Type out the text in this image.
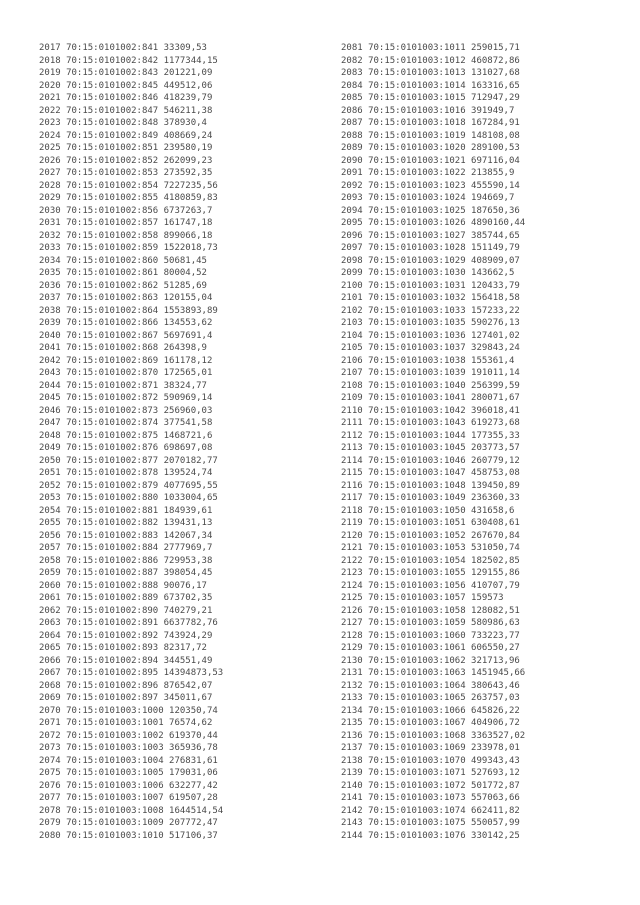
2017 70:15:0101002:841 33309,53
2018 70:15:0101002:842 1177344,15
2019 70:15:0101002:843 201221,09
2020 70:15:0101002:845 449512,06
2021 70:15:0101002:846 418239,79
2022 70:15:0101002:847 546211,38
2023 70:15:0101002:848 378930,4
2024 70:15:0101002:849 408669,24
2025 70:15:0101002:851 239580,19
2026 70:15:0101002:852 262099,23
2027 70:15:0101002:853 273592,35
2028 70:15:0101002:854 7227235,56
2029 70:15:0101002:855 4180859,83
2030 70:15:0101002:856 6737263,7
2031 70:15:0101002:857 161747,18
2032 70:15:0101002:858 899066,18
2033 70:15:0101002:859 1522018,73
2034 70:15:0101002:860 50681,45
2035 70:15:0101002:861 80004,52
2036 70:15:0101002:862 51285,69
2037 70:15:0101002:863 120155,04
2038 70:15:0101002:864 1553893,89
2039 70:15:0101002:866 134553,62
2040 70:15:0101002:867 5697691,4
2041 70:15:0101002:868 264398,9
2042 70:15:0101002:869 161178,12
2043 70:15:0101002:870 172565,01
2044 70:15:0101002:871 38324,77
2045 70:15:0101002:872 590969,14
2046 70:15:0101002:873 256960,03
2047 70:15:0101002:874 377541,58
2048 70:15:0101002:875 1468721,6
2049 70:15:0101002:876 698697,08
2050 70:15:0101002:877 2070182,77
2051 70:15:0101002:878 139524,74
2052 70:15:0101002:879 4077695,55
2053 70:15:0101002:880 1033004,65
2054 70:15:0101002:881 184939,61
2055 70:15:0101002:882 139431,13
2056 70:15:0101002:883 142067,34
2057 70:15:0101002:884 2777969,7
2058 70:15:0101002:886 729953,38
2059 70:15:0101002:887 398054,45
2060 70:15:0101002:888 90076,17
2061 70:15:0101002:889 673702,35
2062 70:15:0101002:890 740279,21
2063 70:15:0101002:891 6637782,76
2064 70:15:0101002:892 743924,29
2065 70:15:0101002:893 82317,72
2066 70:15:0101002:894 344551,49
2067 70:15:0101002:895 14394873,53
2068 70:15:0101002:896 876542,07
2069 70:15:0101002:897 345011,67
2070 70:15:0101003:1000 120350,74
2071 70:15:0101003:1001 76574,62
2072 70:15:0101003:1002 619370,44
2073 70:15:0101003:1003 365936,78
2074 70:15:0101003:1004 276831,61
2075 70:15:0101003:1005 179031,06
2076 70:15:0101003:1006 632277,42
2077 70:15:0101003:1007 619507,28
2078 70:15:0101003:1008 1644514,54
2079 70:15:0101003:1009 207772,47
2080 70:15:0101003:1010 517106,37
2081 70:15:0101003:1011 259015,71
2082 70:15:0101003:1012 460872,86
2083 70:15:0101003:1013 131027,68
2084 70:15:0101003:1014 163316,65
2085 70:15:0101003:1015 712947,29
2086 70:15:0101003:1016 391949,7
2087 70:15:0101003:1018 167284,91
2088 70:15:0101003:1019 148108,08
2089 70:15:0101003:1020 289100,53
2090 70:15:0101003:1021 697116,04
2091 70:15:0101003:1022 213855,9
2092 70:15:0101003:1023 455590,14
2093 70:15:0101003:1024 194669,7
2094 70:15:0101003:1025 187650,36
2095 70:15:0101003:1026 4890160,44
2096 70:15:0101003:1027 385744,65
2097 70:15:0101003:1028 151149,79
2098 70:15:0101003:1029 408909,07
2099 70:15:0101003:1030 143662,5
2100 70:15:0101003:1031 120433,79
2101 70:15:0101003:1032 156418,58
2102 70:15:0101003:1033 157233,22
2103 70:15:0101003:1035 590276,13
2104 70:15:0101003:1036 127401,02
2105 70:15:0101003:1037 329843,24
2106 70:15:0101003:1038 155361,4
2107 70:15:0101003:1039 191011,14
2108 70:15:0101003:1040 256399,59
2109 70:15:0101003:1041 280071,67
2110 70:15:0101003:1042 396018,41
2111 70:15:0101003:1043 619273,68
2112 70:15:0101003:1044 177355,33
2113 70:15:0101003:1045 203773,57
2114 70:15:0101003:1046 260779,12
2115 70:15:0101003:1047 458753,08
2116 70:15:0101003:1048 139450,89
2117 70:15:0101003:1049 236360,33
2118 70:15:0101003:1050 431658,6
2119 70:15:0101003:1051 630408,61
2120 70:15:0101003:1052 267670,84
2121 70:15:0101003:1053 531050,74
2122 70:15:0101003:1054 182502,85
2123 70:15:0101003:1055 129155,86
2124 70:15:0101003:1056 410707,79
2125 70:15:0101003:1057 159573
2126 70:15:0101003:1058 128082,51
2127 70:15:0101003:1059 580986,63
2128 70:15:0101003:1060 733223,77
2129 70:15:0101003:1061 606550,27
2130 70:15:0101003:1062 321713,96
2131 70:15:0101003:1063 1451945,66
2132 70:15:0101003:1064 380643,46
2133 70:15:0101003:1065 263757,03
2134 70:15:0101003:1066 645826,22
2135 70:15:0101003:1067 404906,72
2136 70:15:0101003:1068 3363527,02
2137 70:15:0101003:1069 233978,01
2138 70:15:0101003:1070 499343,43
2139 70:15:0101003:1071 527693,12
2140 70:15:0101003:1072 501772,87
2141 70:15:0101003:1073 557063,66
2142 70:15:0101003:1074 662411,82
2143 70:15:0101003:1075 550057,99
2144 70:15:0101003:1076 330142,25
